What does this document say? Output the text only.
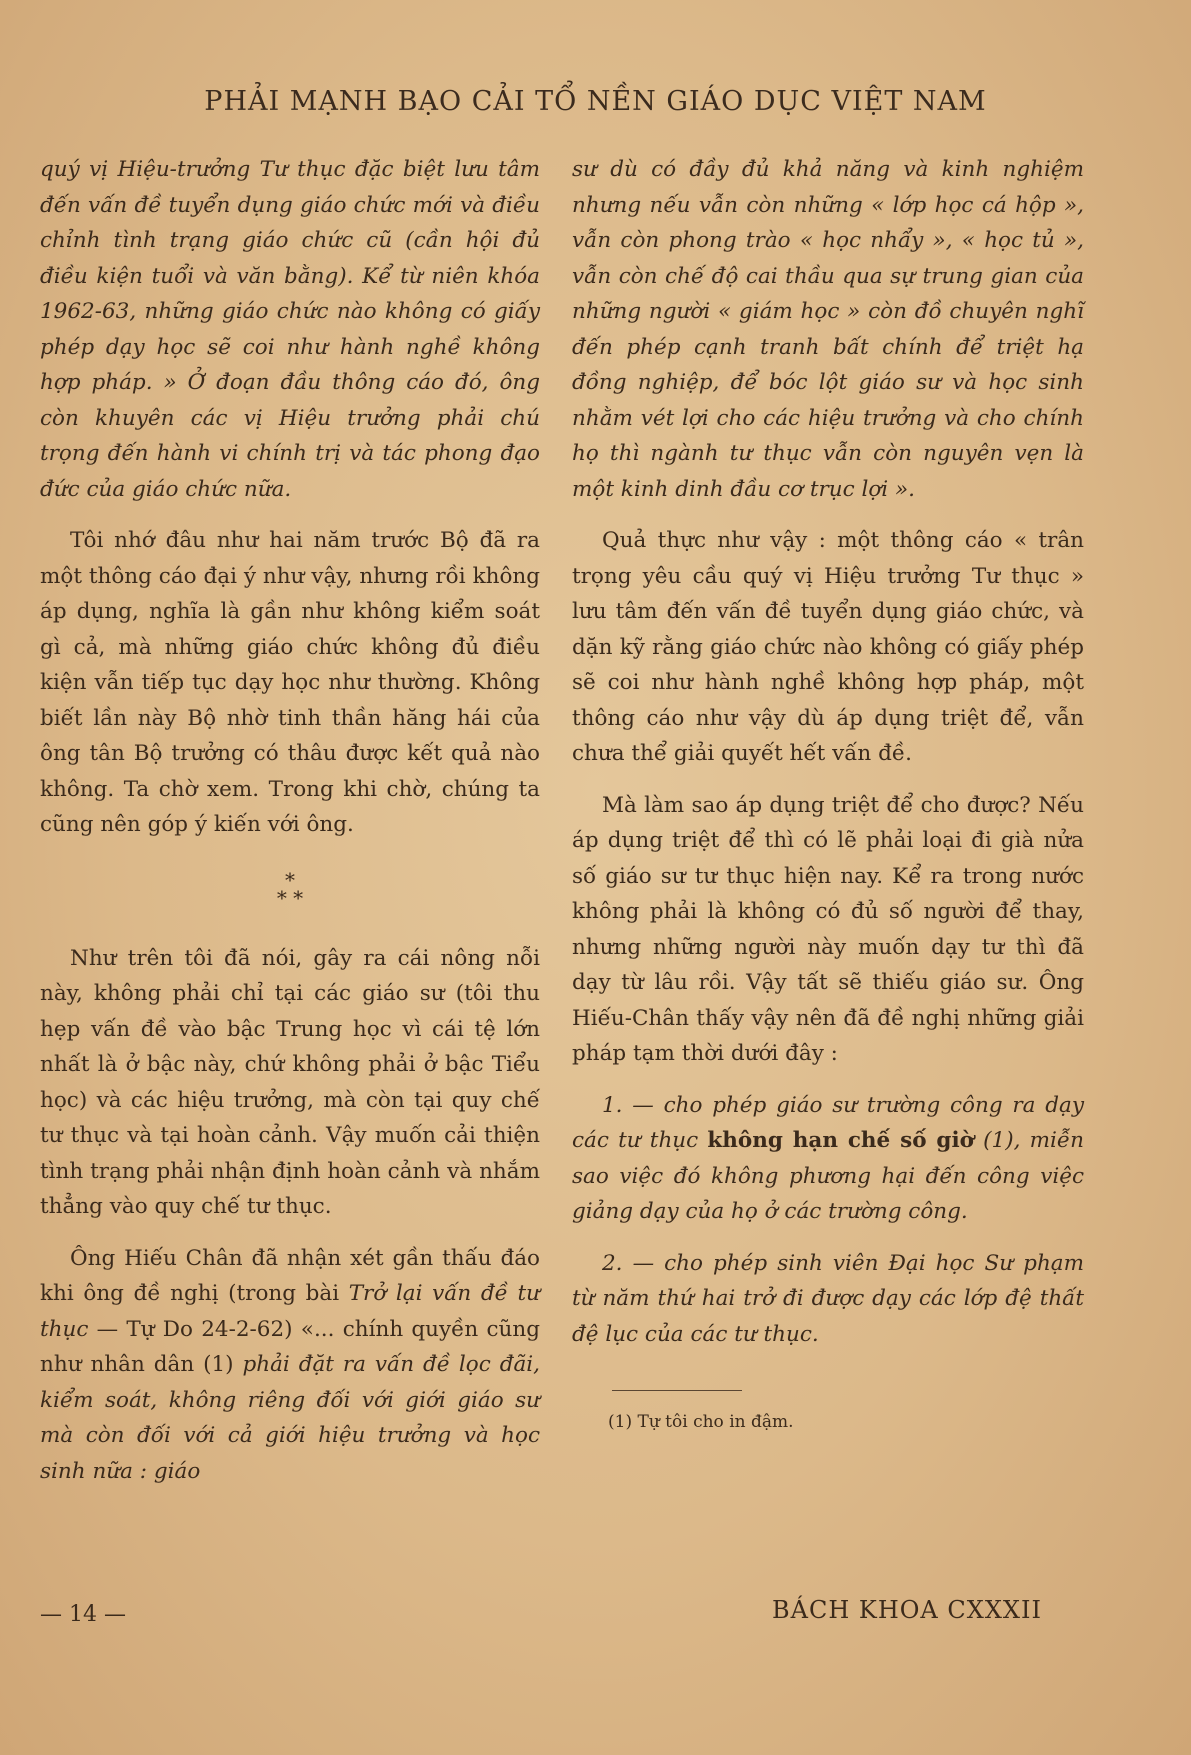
PHẢI MẠNH BẠO CẢI TỔ NỀN GIÁO DỤC VIỆT NAM

quý vị Hiệu-trưởng Tư thục đặc biệt lưu tâm đến vấn đề tuyển dụng giáo chức mới và điều chỉnh tình trạng giáo chức cũ (cần hội đủ điều kiện tuổi và văn bằng). Kể từ niên khóa 1962-63, những giáo chức nào không có giấy phép dạy học sẽ coi như hành nghề không hợp pháp. » Ở đoạn đầu thông cáo đó, ông còn khuyên các vị Hiệu trưởng phải chú trọng đến hành vi chính trị và tác phong đạo đức của giáo chức nữa.

Tôi nhớ đâu như hai năm trước Bộ đã ra một thông cáo đại ý như vậy, nhưng rồi không áp dụng, nghĩa là gần như không kiểm soát gì cả, mà những giáo chức không đủ điều kiện vẫn tiếp tục dạy học như thường. Không biết lần này Bộ nhờ tinh thần hăng hái của ông tân Bộ trưởng có thâu được kết quả nào không. Ta chờ xem. Trong khi chờ, chúng ta cũng nên góp ý kiến với ông.

*
* *

Như trên tôi đã nói, gây ra cái nông nỗi này, không phải chỉ tại các giáo sư (tôi thu hẹp vấn đề vào bậc Trung học vì cái tệ lớn nhất là ở bậc này, chứ không phải ở bậc Tiểu học) và các hiệu trưởng, mà còn tại quy chế tư thục và tại hoàn cảnh. Vậy muốn cải thiện tình trạng phải nhận định hoàn cảnh và nhắm thẳng vào quy chế tư thục.

Ông Hiếu Chân đã nhận xét gần thấu đáo khi ông đề nghị (trong bài Trở lại vấn đề tư thục — Tự Do 24-2-62) «... chính quyền cũng như nhân dân (1) phải đặt ra vấn đề lọc đãi, kiểm soát, không riêng đối với giới giáo sư mà còn đối với cả giới hiệu trưởng và học sinh nữa : giáo

sư dù có đầy đủ khả năng và kinh nghiệm nhưng nếu vẫn còn những « lớp học cá hộp », vẫn còn phong trào « học nhẩy », « học tủ », vẫn còn chế độ cai thầu qua sự trung gian của những người « giám học » còn đồ chuyên nghĩ đến phép cạnh tranh bất chính để triệt hạ đồng nghiệp, để bóc lột giáo sư và học sinh nhằm vét lợi cho các hiệu trưởng và cho chính họ thì ngành tư thục vẫn còn nguyên vẹn là một kinh dinh đầu cơ trục lợi ».

Quả thực như vậy : một thông cáo « trân trọng yêu cầu quý vị Hiệu trưởng Tư thục » lưu tâm đến vấn đề tuyển dụng giáo chức, và dặn kỹ rằng giáo chức nào không có giấy phép sẽ coi như hành nghề không hợp pháp, một thông cáo như vậy dù áp dụng triệt để, vẫn chưa thể giải quyết hết vấn đề.

Mà làm sao áp dụng triệt để cho được? Nếu áp dụng triệt để thì có lẽ phải loại đi già nửa số giáo sư tư thục hiện nay. Kể ra trong nước không phải là không có đủ số người để thay, nhưng những người này muốn dạy tư thì đã dạy từ lâu rồi. Vậy tất sẽ thiếu giáo sư. Ông Hiếu-Chân thấy vậy nên đã đề nghị những giải pháp tạm thời dưới đây :

1. — cho phép giáo sư trường công ra dạy các tư thục không hạn chế số giờ (1), miễn sao việc đó không phương hại đến công việc giảng dạy của họ ở các trường công.

2. — cho phép sinh viên Đại học Sư phạm từ năm thứ hai trở đi được dạy các lớp đệ thất đệ lục của các tư thục.

(1) Tự tôi cho in đậm.
— 14 —	BÁCH KHOA CXXXII
